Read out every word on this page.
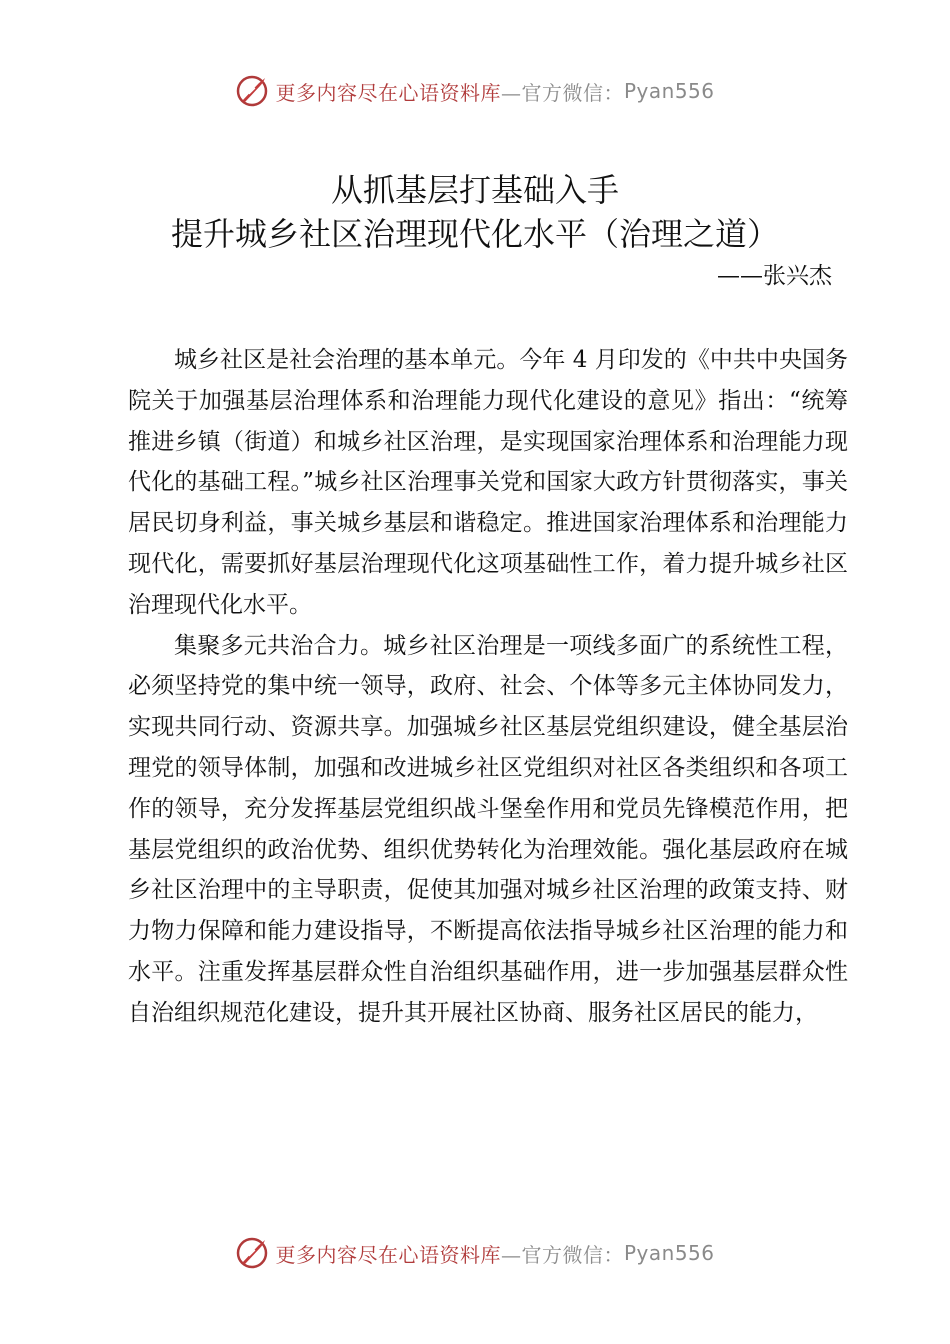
更多内容尽在心语资料库 —官方微信： Pyan556
从抓基层打基础入手
提升城乡社区治理现代化水平（治理之道）
——张兴杰

城乡社区是社会治理的基本单元。今年 4 月印发的《中共中央国务院关于加强基层治理体系和治理能力现代化建设的意见》指出：“统筹推进乡镇（街道）和城乡社区治理，是实现国家治理体系和治理能力现代化的基础工程。”城乡社区治理事关党和国家大政方针贯彻落实，事关居民切身利益，事关城乡基层和谐稳定。推进国家治理体系和治理能力现代化，需要抓好基层治理现代化这项基础性工作，着力提升城乡社区治理现代化水平。

集聚多元共治合力。城乡社区治理是一项线多面广的系统性工程，必须坚持党的集中统一领导，政府、社会、个体等多元主体协同发力，实现共同行动、资源共享。加强城乡社区基层党组织建设，健全基层治理党的领导体制，加强和改进城乡社区党组织对社区各类组织和各项工作的领导，充分发挥基层党组织战斗堡垒作用和党员先锋模范作用，把基层党组织的政治优势、组织优势转化为治理效能。强化基层政府在城乡社区治理中的主导职责，促使其加强对城乡社区治理的政策支持、财力物力保障和能力建设指导，不断提高依法指导城乡社区治理的能力和水平。注重发挥基层群众性自治组织基础作用，进一步加强基层群众性自治组织规范化建设，提升其开展社区协商、服务社区居民的能力，

更多内容尽在心语资料库 —官方微信： Pyan556
